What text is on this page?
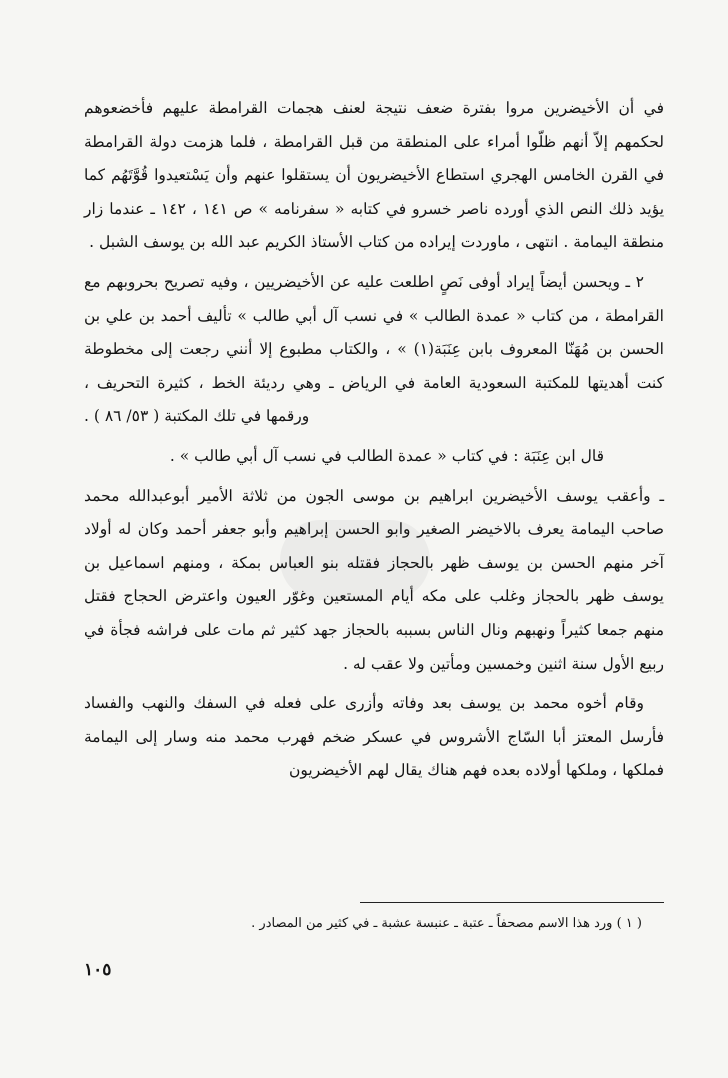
في أن الأخيضرين مروا بفترة ضعف نتيجة لعنف هجمات القرامطة عليهم فأخضعوهم لحكمهم إلاّ أنهم ظلّوا أمراء على المنطقة من قبل القرامطة ، فلما هزمت دولة القرامطة في القرن الخامس الهجري استطاع الأخيضريون أن يستقلوا عنهم وأن يَسْتعيدوا قُوَّتَهُم كما يؤيد ذلك النص الذي أورده ناصر خسرو في كتابه « سفرنامه » ص ١٤١ ، ١٤٢ ـ عندما زار منطقة اليمامة . انتهى ، ماوردت إيراده من كتاب الأستاذ الكريم عبد الله بن يوسف الشبل .

٢ ـ ويحسن أيضاً إيراد أوفى نَصٍ اطلعت عليه عن الأخيضريين ، وفيه تصريح بحروبهم مع القرامطة ، من كتاب « عمدة الطالب » في نسب آل أبي طالب » تأليف أحمد بن علي بن الحسن بن مُهَنّا المعروف بابن عِنَبَة(١) » ، والكتاب مطبوع إلا أنني رجعت إلى مخطوطة كنت أهديتها للمكتبة السعودية العامة في الرياض ـ وهي رديئة الخط ، كثيرة التحريف ، ورقمها في تلك المكتبة ( ٥٣/ ٨٦ ) .

قال ابن عِنَبَة : في كتاب « عمدة الطالب في نسب آل أبي طالب » .

ـ وأعقب يوسف الأخيضرين ابراهيم بن موسى الجون من ثلاثة الأمير أبوعبدالله محمد صاحب اليمامة يعرف بالاخيضر الصغير وابو الحسن إبراهيم وأبو جعفر أحمد وكان له أولاد آخر منهم الحسن بن يوسف ظهر بالحجاز فقتله بنو العباس بمكة ، ومنهم اسماعيل بن يوسف ظهر بالحجاز وغلب على مكه أيام المستعين وغوّر العيون واعترض الحجاج فقتل منهم جمعا كثيراً ونهبهم ونال الناس بسببه بالحجاز جهد كثير ثم مات على فراشه فجأة في ربيع الأول سنة اثنين وخمسين ومأتين ولا عقب له .

وقام أخوه محمد بن يوسف بعد وفاته وأزرى على فعله في السفك والنهب والفساد فأرسل المعتز أبا السّاج الأشروس في عسكر ضخم فهرب محمد منه وسار إلى اليمامة فملكها ، وملكها أولاده بعده فهم هناك يقال لهم الأخيضريون

( ١ ) ورد هذا الاسم مصحفاً ـ عتبة ـ عنبسة عشبة ـ في كثير من المصادر .

١٠٥
